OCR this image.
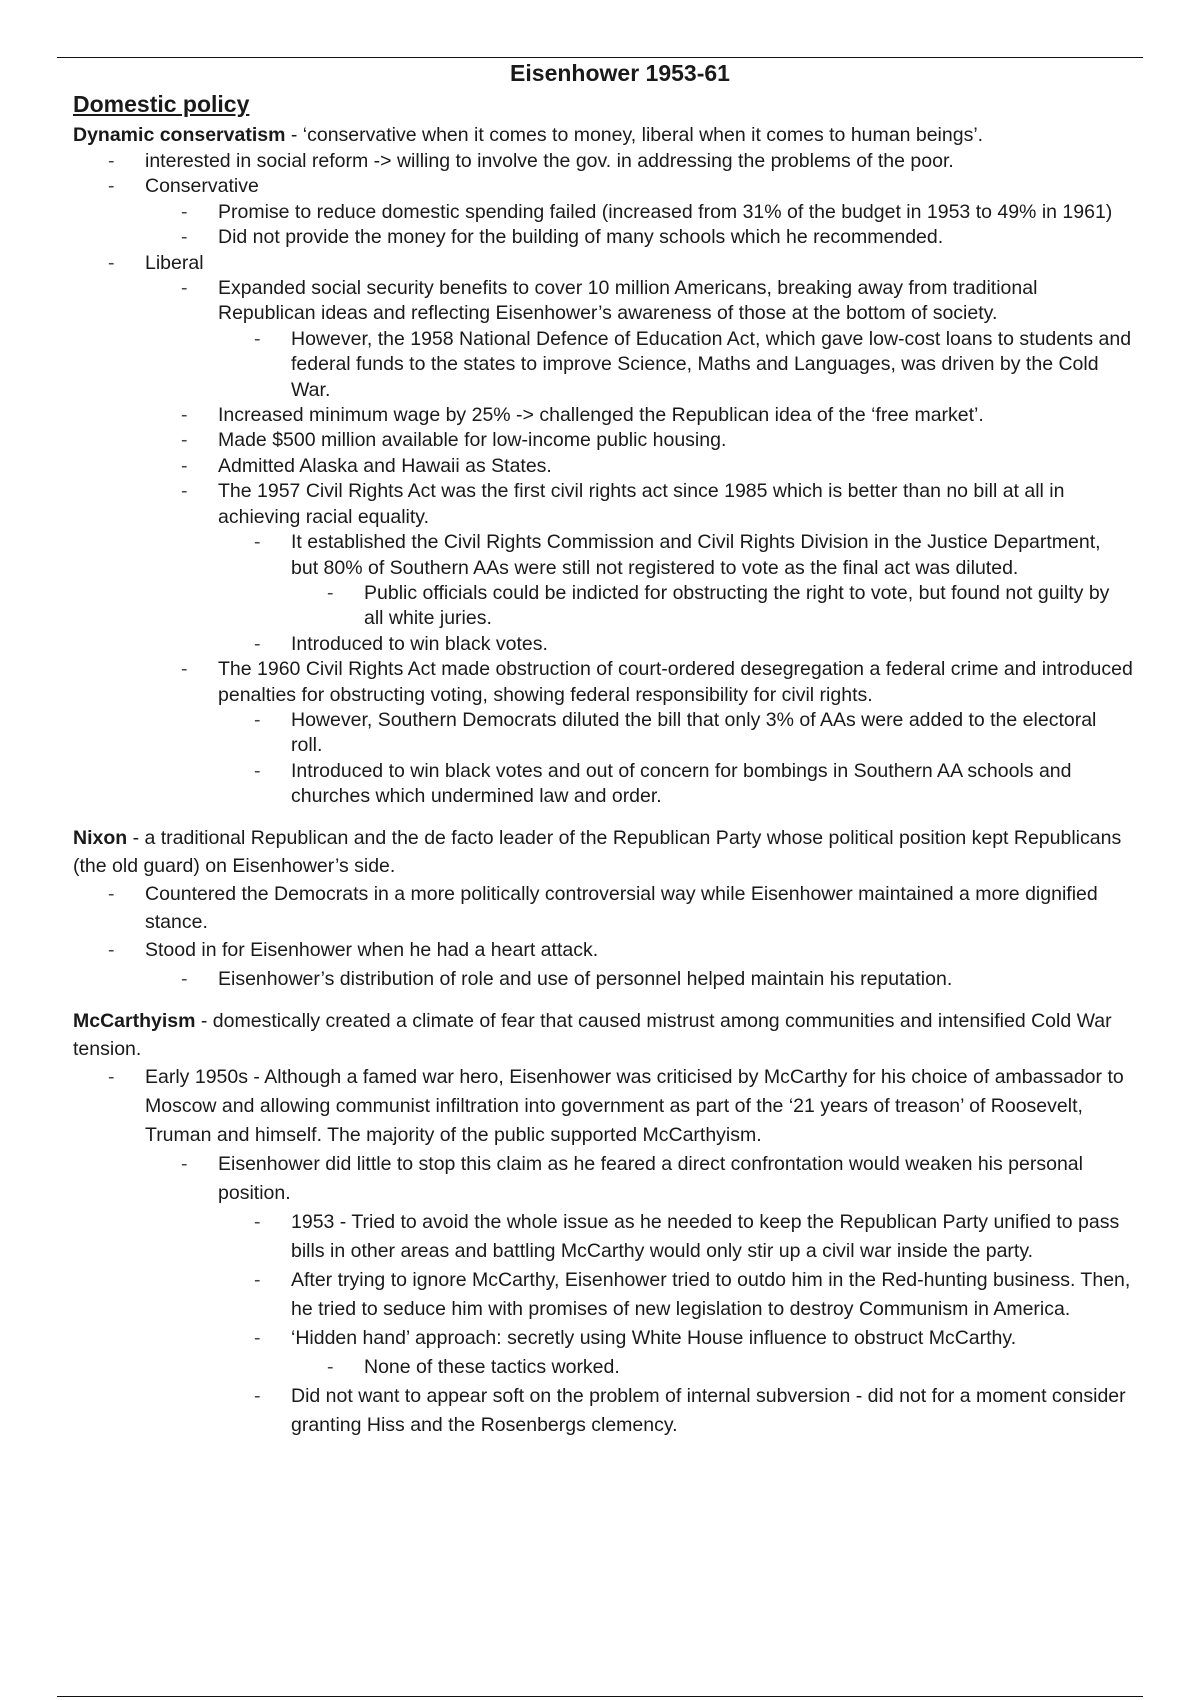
Eisenhower 1953-61
Domestic policy

Dynamic conservatism - ‘conservative when it comes to money, liberal when it comes to human beings’.

- interested in social reform -> willing to involve the gov. in addressing the problems of the poor.
- Conservative
- Promise to reduce domestic spending failed (increased from 31% of the budget in 1953 to 49% in 1961)
- Did not provide the money for the building of many schools which he recommended.
- Liberal
- Expanded social security benefits to cover 10 million Americans, breaking away from traditional Republican ideas and reflecting Eisenhower’s awareness of those at the bottom of society.
- However, the 1958 National Defence of Education Act, which gave low-cost loans to students and federal funds to the states to improve Science, Maths and Languages, was driven by the Cold War.
- Increased minimum wage by 25% -> challenged the Republican idea of the ‘free market’.
- Made $500 million available for low-income public housing.
- Admitted Alaska and Hawaii as States.
- The 1957 Civil Rights Act was the first civil rights act since 1985 which is better than no bill at all in achieving racial equality.
- It established the Civil Rights Commission and Civil Rights Division in the Justice Department, but 80% of Southern AAs were still not registered to vote as the final act was diluted.
- Public officials could be indicted for obstructing the right to vote, but found not guilty by all white juries.
- Introduced to win black votes.
- The 1960 Civil Rights Act made obstruction of court-ordered desegregation a federal crime and introduced penalties for obstructing voting, showing federal responsibility for civil rights.
- However, Southern Democrats diluted the bill that only 3% of AAs were added to the electoral roll.
- Introduced to win black votes and out of concern for bombings in Southern AA schools and churches which undermined law and order.

Nixon - a traditional Republican and the de facto leader of the Republican Party whose political position kept Republicans (the old guard) on Eisenhower’s side.

- Countered the Democrats in a more politically controversial way while Eisenhower maintained a more dignified stance.
- Stood in for Eisenhower when he had a heart attack.
- Eisenhower’s distribution of role and use of personnel helped maintain his reputation.

McCarthyism - domestically created a climate of fear that caused mistrust among communities and intensified Cold War tension.

- Early 1950s - Although a famed war hero, Eisenhower was criticised by McCarthy for his choice of ambassador to Moscow and allowing communist infiltration into government as part of the ‘21 years of treason’ of Roosevelt, Truman and himself. The majority of the public supported McCarthyism.
- Eisenhower did little to stop this claim as he feared a direct confrontation would weaken his personal position.
- 1953 - Tried to avoid the whole issue as he needed to keep the Republican Party unified to pass bills in other areas and battling McCarthy would only stir up a civil war inside the party.
- After trying to ignore McCarthy, Eisenhower tried to outdo him in the Red-hunting business. Then, he tried to seduce him with promises of new legislation to destroy Communism in America.
- ‘Hidden hand’ approach: secretly using White House influence to obstruct McCarthy.
- None of these tactics worked.
- Did not want to appear soft on the problem of internal subversion - did not for a moment consider granting Hiss and the Rosenbergs clemency.
